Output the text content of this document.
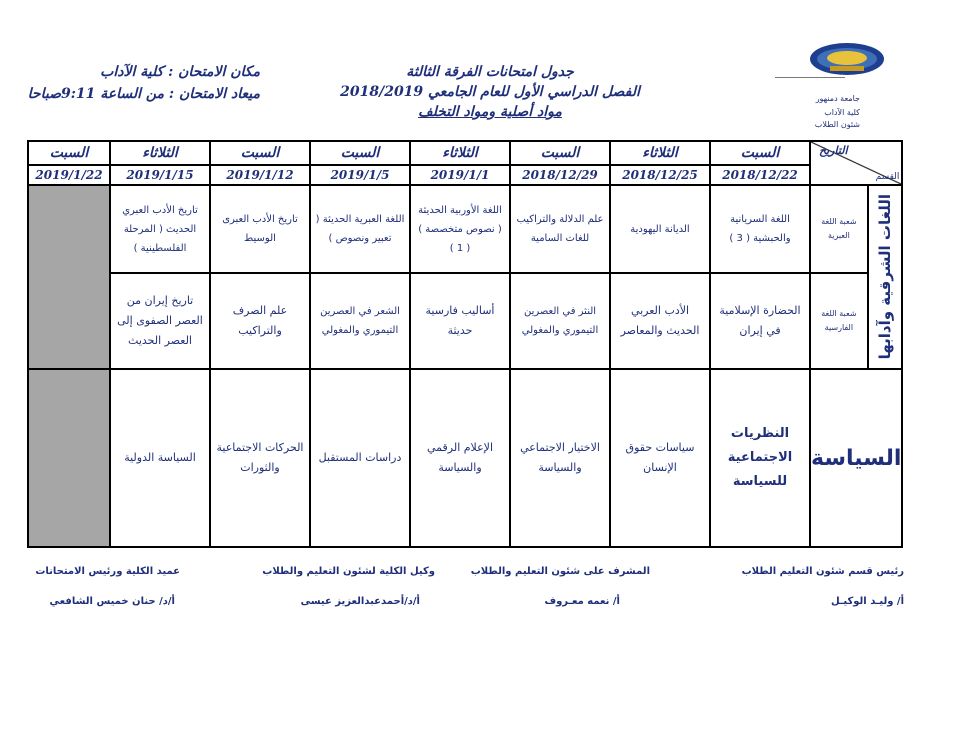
جامعة دمنهور
كلية الآداب
شئون الطلاب
جدول امتحانات الفرقة الثالثة
الفصل الدراسي الأول للعام الجامعي 2018/2019
مواد أصلية ومواد التخلف
مكان الامتحان : كلية الآداب
ميعاد الامتحان : من الساعة 9:11صباحا
التاريخ
القسم		السبت	الثلاثاء	السبت	الثلاثاء	السبت	السبت	الثلاثاء	السبت
		2018/12/22	2018/12/25	2018/12/29	2019/1/1	2019/1/5	2019/1/12	2019/1/15	2019/1/22

اللغات الشرقية وآدابها	شعبة اللغة العبرية	اللغة السريانية والحبشية ( 3 )	الديانة اليهودية	علم الدلالة والتراكيب للغات السامية	اللغة الأوربية الحديثة ( نصوص متخصصة ) ( 1 )	اللغة العبرية الحديثة ( تعبير ونصوص )	تاريخ الأدب العبرى الوسيط	تاريخ الأدب العبري الحديث ( المرحلة الفلسطينية )	
	شعبة اللغة الفارسية	الحضارة الإسلامية في إيران	الأدب العربي الحديث والمعاصر	النثر في العصرين التيموري والمغولي	أساليب فارسية حديثة	الشعر في العصرين التيموري والمغولي	علم الصرف والتراكيب	تاريخ إيران من العصر الصفوى إلى العصر الحديث	
السياسة		النظريات الاجتماعية للسياسة	سياسات حقوق الإنسان	الاختيار الاجتماعي والسياسة	الإعلام الرقمي والسياسة	دراسات المستقبل	الحركات الاجتماعية والثورات	السياسة الدولية	
رئيس قسم شئون التعليم الطلاب
أ/ وليـد الوكيـل
المشرف على شئون التعليم والطلاب
أ/ نعمه معـروف
وكيل الكلية لشئون التعليم والطلاب
أ/د/أحمدعبدالعزيز عيسى
عميد الكلية ورئيس الامتحانات
أ/د/ حنان خميس الشافعي
